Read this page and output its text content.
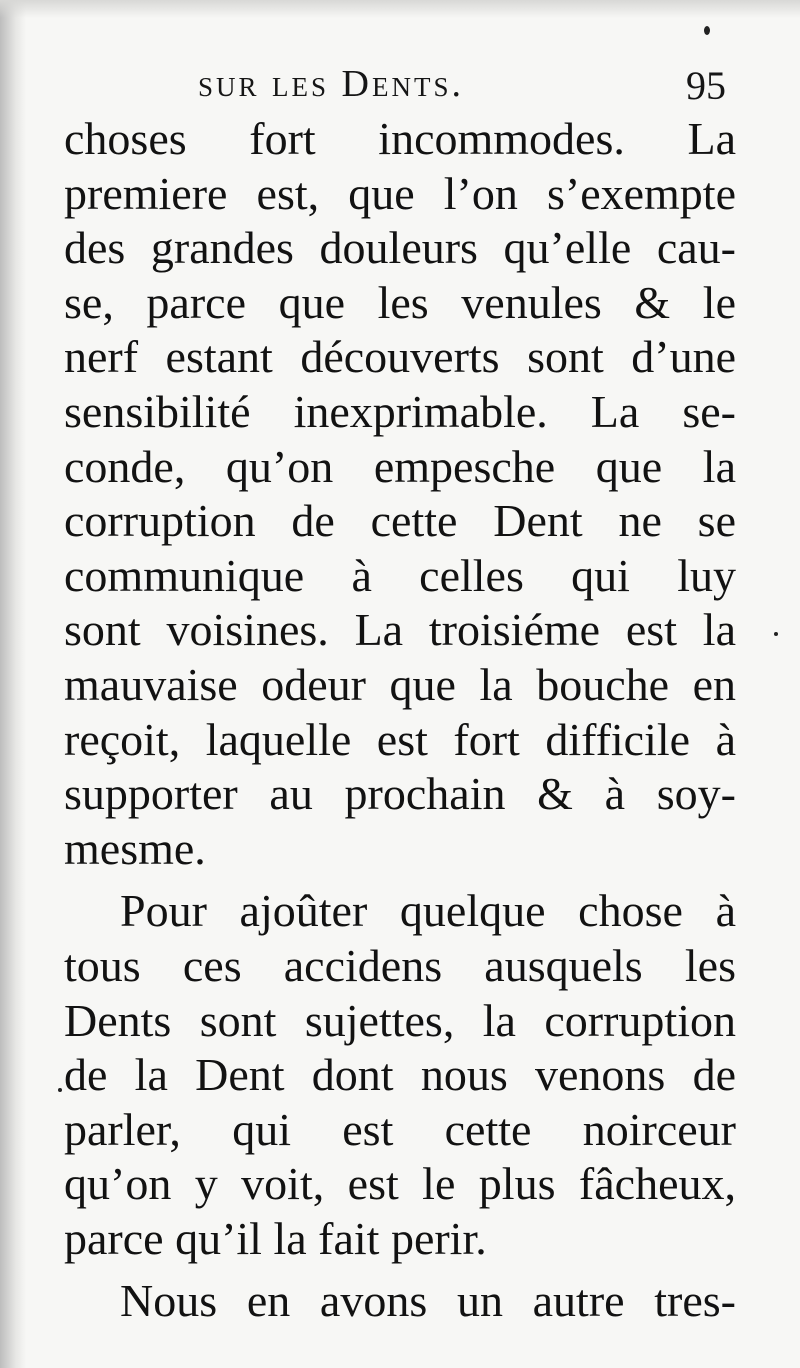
sur les Dents.	95
choses fort incommodes. La
premiere est, que l’on s’exempte
des grandes douleurs qu’elle cau-
se, parce que les venules & le
nerf estant découverts sont d’une
sensibilité inexprimable. La se-
conde, qu’on empesche que la
corruption de cette Dent ne se
communique à celles qui luy
sont voisines. La troisiéme est la
mauvaise odeur que la bouche en
reçoit, laquelle est fort difficile à
supporter au prochain & à soy-
mesme.
Pour ajoûter quelque chose à
tous ces accidens ausquels les
Dents sont sujettes, la corruption
de la Dent dont nous venons de
parler, qui est cette noirceur
qu’on y voit, est le plus fâcheux,
parce qu’il la fait perir.
Nous en avons un autre tres-
